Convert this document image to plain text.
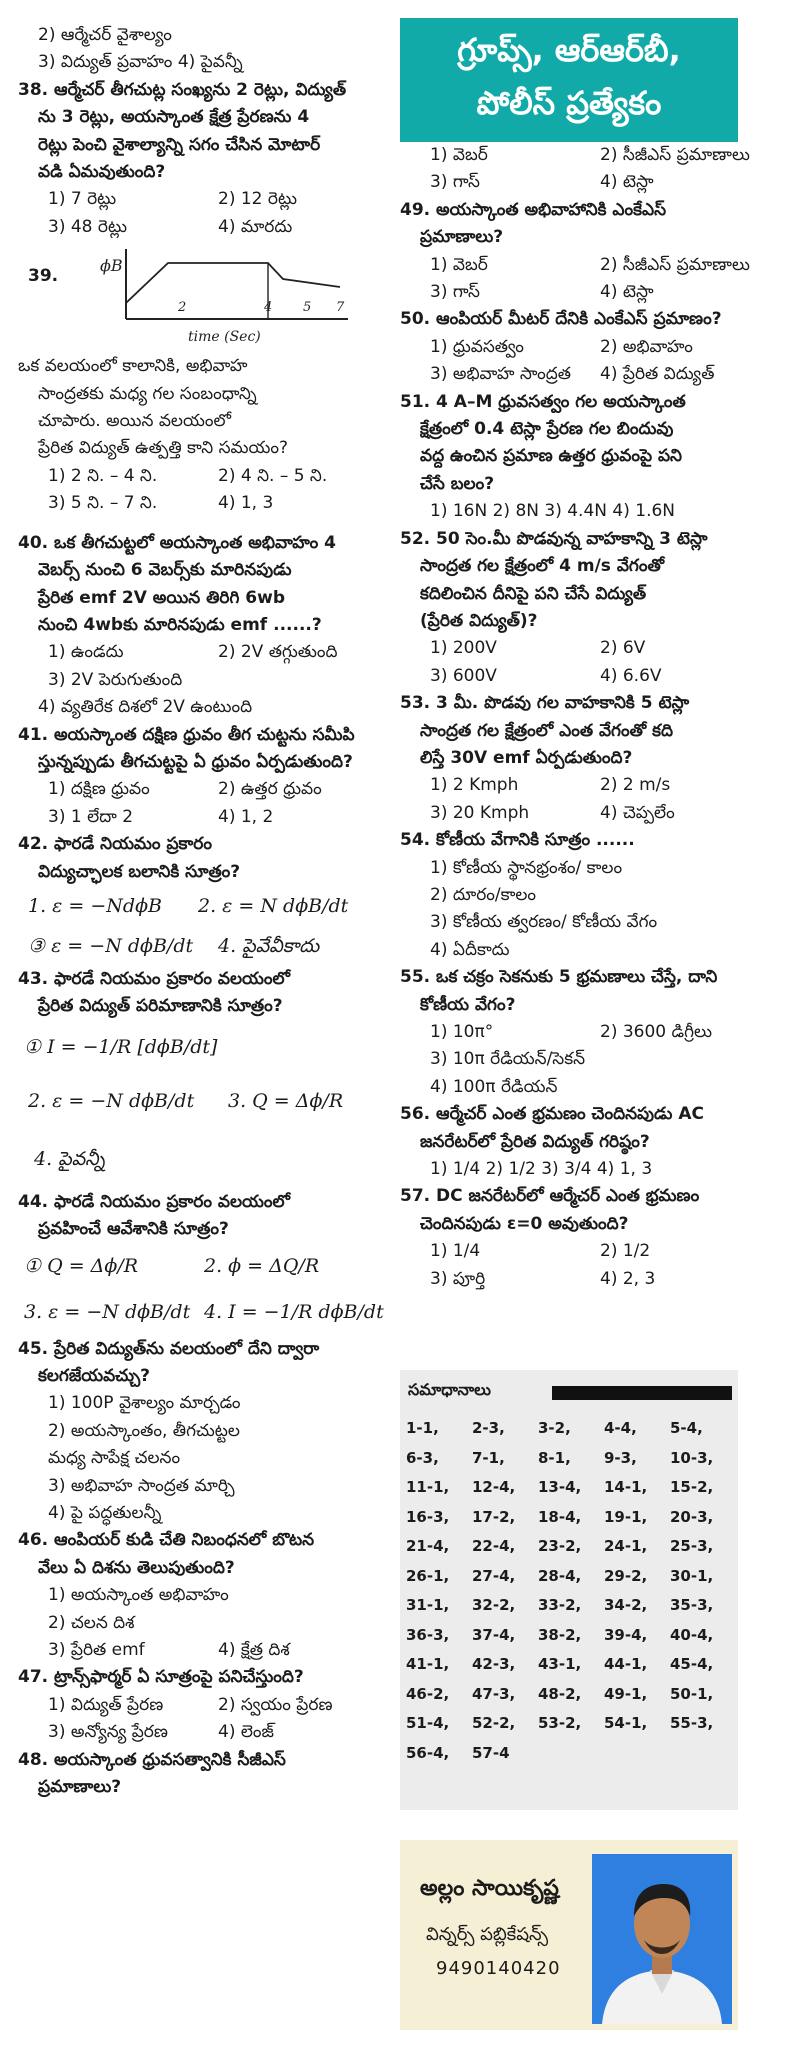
2) ఆర్మేచర్ వైశాల్యం
3) విద్యుత్ ప్రవాహం 4) పైవన్నీ
38. ఆర్మేచర్ తీగచుట్ల సంఖ్యను 2 రెట్లు, విద్యుత్
ను 3 రెట్లు, అయస్కాంత క్షేత్ర ప్రేరణను 4
రెట్లు పెంచి వైశాల్యాన్ని సగం చేసిన మోటార్
వడి ఏమవుతుంది?
1) 7 రెట్లు	2) 12 రెట్లు
3) 48 రెట్లు	4) మారదు
39.
ϕB
2	4 5 7
time (Sec)
ఒక వలయంలో కాలానికి, అభివాహ
సాంద్రతకు మధ్య గల సంబంధాన్ని
చూపారు. అయిన వలయంలో
ప్రేరిత విద్యుత్ ఉత్పత్తి కాని సమయం?
1) 2 ని. – 4 ని.	2) 4 ని. – 5 ని.
3) 5 ని. – 7 ని.	4) 1, 3
40. ఒక తీగచుట్టలో అయస్కాంత అభివాహం 4
వెబర్స్ నుంచి 6 వెబర్స్‌కు మారినపుడు
ప్రేరిత emf 2V అయిన తిరిగి 6wb
నుంచి 4wbకు మారినపుడు emf ......?
1) ఉండదు	2) 2V తగ్గుతుంది
3) 2V పెరుగుతుంది
4) వ్యతిరేక దిశలో 2V ఉంటుంది
41. అయస్కాంత దక్షిణ ధ్రువం తీగ చుట్టను సమీపి
స్తున్నప్పుడు తీగచుట్టపై ఏ ధ్రువం ఏర్పడుతుంది?
1) దక్షిణ ధ్రువం	2) ఉత్తర ధ్రువం
3) 1 లేదా 2	4) 1, 2
42. ఫారడే నియమం ప్రకారం
విద్యుచ్ఛాలక బలానికి సూత్రం?
1. ε = −NdϕB 2. ε = N dϕB/dt
③ ε = −N dϕB/dt 4. పైవేవీకాదు
43. ఫారడే నియమం ప్రకారం వలయంలో
ప్రేరిత విద్యుత్ పరిమాణానికి సూత్రం?
① I = −1/R [dϕB/dt]
2. ε = −N dϕB/dt 3. Q = Δϕ/R
4. పైవన్నీ
44. ఫారడే నియమం ప్రకారం వలయంలో
ప్రవహించే ఆవేశానికి సూత్రం?
① Q = Δϕ/R	2. ϕ = ΔQ/R
3. ε = −N dϕB/dt 4. I = −1/R dϕB/dt
45. ప్రేరిత విద్యుత్‌ను వలయంలో దేని ద్వారా
కలగజేయవచ్చు?
1) 100P వైశాల్యం మార్చడం
2) అయస్కాంతం, తీగచుట్టల
మధ్య సాపేక్ష చలనం
3) అభివాహ సాంద్రత మార్చి
4) పై పద్ధతులన్నీ
46. ఆంపియర్ కుడి చేతి నిబంధనలో బొటన
వేలు ఏ దిశను తెలుపుతుంది?
1) అయస్కాంత అభివాహం
2) చలన దిశ
3) ప్రేరిత emf	4) క్షేత్ర దిశ
47. ట్రాన్స్‌ఫార్మర్ ఏ సూత్రంపై పనిచేస్తుంది?
1) విద్యుత్ ప్రేరణ	2) స్వయం ప్రేరణ
3) అన్యోన్య ప్రేరణ	4) లెంజ్
48. అయస్కాంత ధ్రువసత్వానికి సీజీఎస్
ప్రమాణాలు?
గ్రూప్స్, ఆర్‌ఆర్‌బీ,
పోలీస్ ప్రత్యేకం
1) వెబర్	2) సీజీఎస్ ప్రమాణాలు
3) గాస్	4) టెస్లా
49. అయస్కాంత అభివాహానికి ఎంకేఎస్
ప్రమాణాలు?
1) వెబర్	2) సీజీఎస్ ప్రమాణాలు
3) గాస్	4) టెస్లా
50. ఆంపియర్ మీటర్ దేనికి ఎంకేఎస్ ప్రమాణం?
1) ధ్రువసత్వం	2) అభివాహం
3) అభివాహ సాంద్రత 4) ప్రేరిత విద్యుత్
51. 4 A–M ధ్రువసత్వం గల అయస్కాంత
క్షేత్రంలో 0.4 టెస్లా ప్రేరణ గల బిందువు
వద్ద ఉంచిన ప్రమాణ ఉత్తర ధ్రువంపై పని
చేసే బలం?
1) 16N 2) 8N 3) 4.4N 4) 1.6N
52. 50 సెం.మీ పొడవున్న వాహకాన్ని 3 టెస్లా
సాంద్రత గల క్షేత్రంలో 4 m/s వేగంతో
కదిలించిన దీనిపై పని చేసే విద్యుత్
(ప్రేరిత విద్యుత్)?
1) 200V	2) 6V
3) 600V	4) 6.6V
53. 3 మీ. పొడవు గల వాహకానికి 5 టెస్లా
సాంద్రత గల క్షేత్రంలో ఎంత వేగంతో కది
లిస్తే 30V emf ఏర్పడుతుంది?
1) 2 Kmph	2) 2 m/s
3) 20 Kmph	4) చెప్పలేం
54. కోణీయ వేగానికి సూత్రం ......
1) కోణీయ స్థానభ్రంశం/ కాలం
2) దూరం/కాలం
3) కోణీయ త్వరణం/ కోణీయ వేగం
4) ఏదీకాదు
55. ఒక చక్రం సెకనుకు 5 భ్రమణాలు చేస్తే, దాని
కోణీయ వేగం?
1) 10π°	2) 3600 డిగ్రీలు
3) 10π రేడియన్/సెకన్
4) 100π రేడియన్
56. ఆర్మేచర్ ఎంత భ్రమణం చెందినపుడు AC
జనరేటర్‌లో ప్రేరిత విద్యుత్ గరిష్ఠం?
1) 1/4 2) 1/2 3) 3/4 4) 1, 3
57. DC జనరేటర్‌లో ఆర్మేచర్ ఎంత భ్రమణం
చెందినపుడు ε=0 అవుతుంది?
1) 1/4	2) 1/2
3) పూర్తి	4) 2, 3
సమాధానాలు
1-1, 2-3, 3-2, 4-4, 5-4,
6-3, 7-1, 8-1, 9-3, 10-3,
11-1, 12-4, 13-4, 14-1, 15-2,
16-3, 17-2, 18-4, 19-1, 20-3,
21-4, 22-4, 23-2, 24-1, 25-3,
26-1, 27-4, 28-4, 29-2, 30-1,
31-1, 32-2, 33-2, 34-2, 35-3,
36-3, 37-4, 38-2, 39-4, 40-4,
41-1, 42-3, 43-1, 44-1, 45-4,
46-2, 47-3, 48-2, 49-1, 50-1,
51-4, 52-2, 53-2, 54-1, 55-3,
56-4, 57-4
అల్లం సాయికృష్ణ
విన్నర్స్ పబ్లికేషన్స్
9490140420
